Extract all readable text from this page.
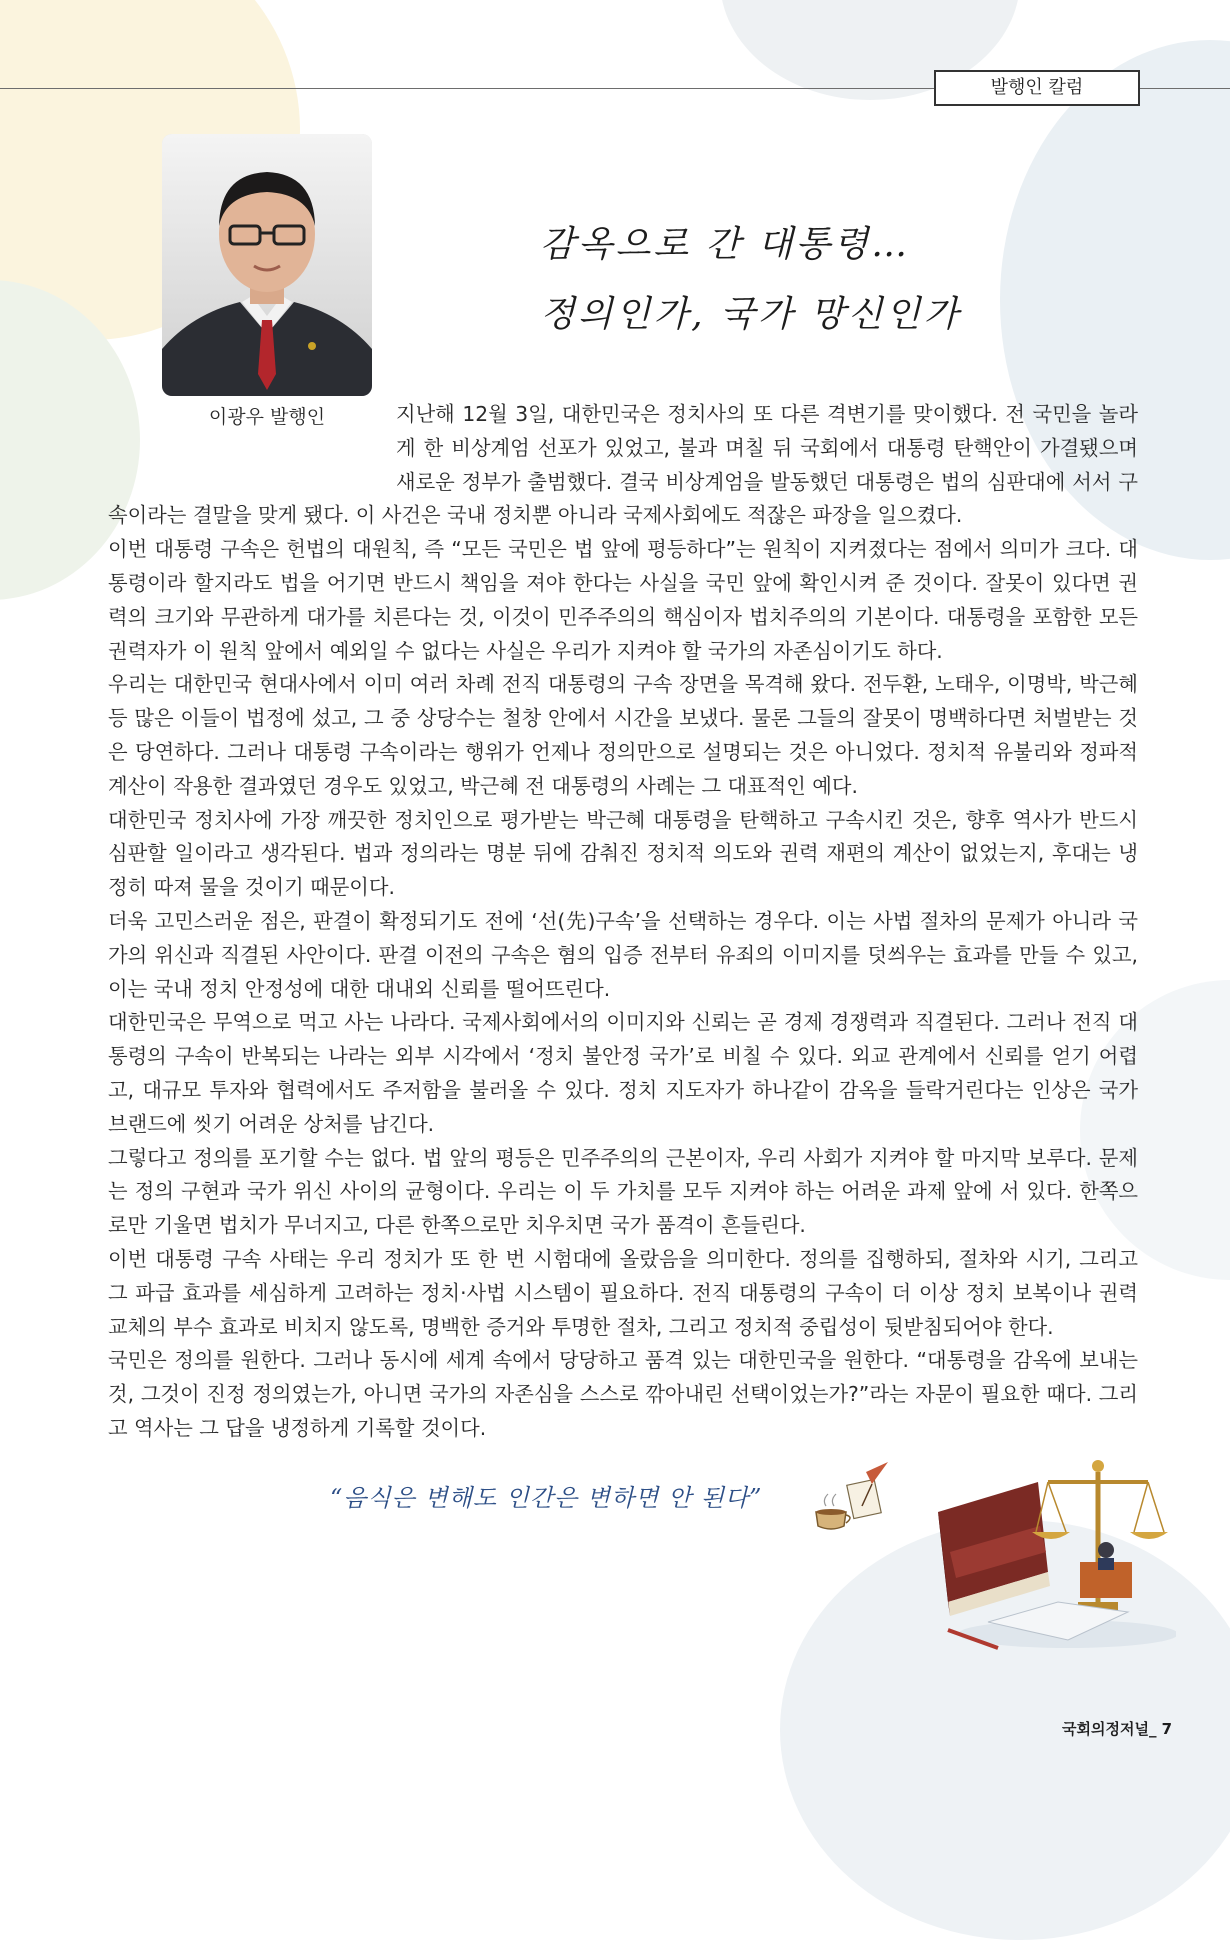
발행인 칼럼
이광우 발행인
감옥으로 간 대통령…
정의인가, 국가 망신인가

지난해 12월 3일, 대한민국은 정치사의 또 다른 격변기를 맞이했다. 전 국민을 놀라게 한 비상계엄 선포가 있었고, 불과 며칠 뒤 국회에서 대통령 탄핵안이 가결됐으며 새로운 정부가 출범했다. 결국 비상계엄을 발동했던 대통령은 법의 심판대에 서서 구속이라는 결말을 맞게 됐다. 이 사건은 국내 정치뿐 아니라 국제사회에도 적잖은 파장을 일으켰다.

이번 대통령 구속은 헌법의 대원칙, 즉 “모든 국민은 법 앞에 평등하다”는 원칙이 지켜졌다는 점에서 의미가 크다. 대통령이라 할지라도 법을 어기면 반드시 책임을 져야 한다는 사실을 국민 앞에 확인시켜 준 것이다. 잘못이 있다면 권력의 크기와 무관하게 대가를 치른다는 것, 이것이 민주주의의 핵심이자 법치주의의 기본이다. 대통령을 포함한 모든 권력자가 이 원칙 앞에서 예외일 수 없다는 사실은 우리가 지켜야 할 국가의 자존심이기도 하다.

우리는 대한민국 현대사에서 이미 여러 차례 전직 대통령의 구속 장면을 목격해 왔다. 전두환, 노태우, 이명박, 박근혜 등 많은 이들이 법정에 섰고, 그 중 상당수는 철창 안에서 시간을 보냈다. 물론 그들의 잘못이 명백하다면 처벌받는 것은 당연하다. 그러나 대통령 구속이라는 행위가 언제나 정의만으로 설명되는 것은 아니었다. 정치적 유불리와 정파적 계산이 작용한 결과였던 경우도 있었고, 박근혜 전 대통령의 사례는 그 대표적인 예다.

대한민국 정치사에 가장 깨끗한 정치인으로 평가받는 박근혜 대통령을 탄핵하고 구속시킨 것은, 향후 역사가 반드시 심판할 일이라고 생각된다. 법과 정의라는 명분 뒤에 감춰진 정치적 의도와 권력 재편의 계산이 없었는지, 후대는 냉정히 따져 물을 것이기 때문이다.

더욱 고민스러운 점은, 판결이 확정되기도 전에 ‘선(先)구속’을 선택하는 경우다. 이는 사법 절차의 문제가 아니라 국가의 위신과 직결된 사안이다. 판결 이전의 구속은 혐의 입증 전부터 유죄의 이미지를 덧씌우는 효과를 만들 수 있고, 이는 국내 정치 안정성에 대한 대내외 신뢰를 떨어뜨린다.

대한민국은 무역으로 먹고 사는 나라다. 국제사회에서의 이미지와 신뢰는 곧 경제 경쟁력과 직결된다. 그러나 전직 대통령의 구속이 반복되는 나라는 외부 시각에서 ‘정치 불안정 국가’로 비칠 수 있다. 외교 관계에서 신뢰를 얻기 어렵고, 대규모 투자와 협력에서도 주저함을 불러올 수 있다. 정치 지도자가 하나같이 감옥을 들락거린다는 인상은 국가 브랜드에 씻기 어려운 상처를 남긴다.

그렇다고 정의를 포기할 수는 없다. 법 앞의 평등은 민주주의의 근본이자, 우리 사회가 지켜야 할 마지막 보루다. 문제는 정의 구현과 국가 위신 사이의 균형이다. 우리는 이 두 가치를 모두 지켜야 하는 어려운 과제 앞에 서 있다. 한쪽으로만 기울면 법치가 무너지고, 다른 한쪽으로만 치우치면 국가 품격이 흔들린다.

이번 대통령 구속 사태는 우리 정치가 또 한 번 시험대에 올랐음을 의미한다. 정의를 집행하되, 절차와 시기, 그리고 그 파급 효과를 세심하게 고려하는 정치·사법 시스템이 필요하다. 전직 대통령의 구속이 더 이상 정치 보복이나 권력 교체의 부수 효과로 비치지 않도록, 명백한 증거와 투명한 절차, 그리고 정치적 중립성이 뒷받침되어야 한다.

국민은 정의를 원한다. 그러나 동시에 세계 속에서 당당하고 품격 있는 대한민국을 원한다. “대통령을 감옥에 보내는 것, 그것이 진정 정의였는가, 아니면 국가의 자존심을 스스로 깎아내린 선택이었는가?”라는 자문이 필요한 때다. 그리고 역사는 그 답을 냉정하게 기록할 것이다.

“음식은 변해도 인간은 변하면 안 된다”
국회의정저널_ 7
